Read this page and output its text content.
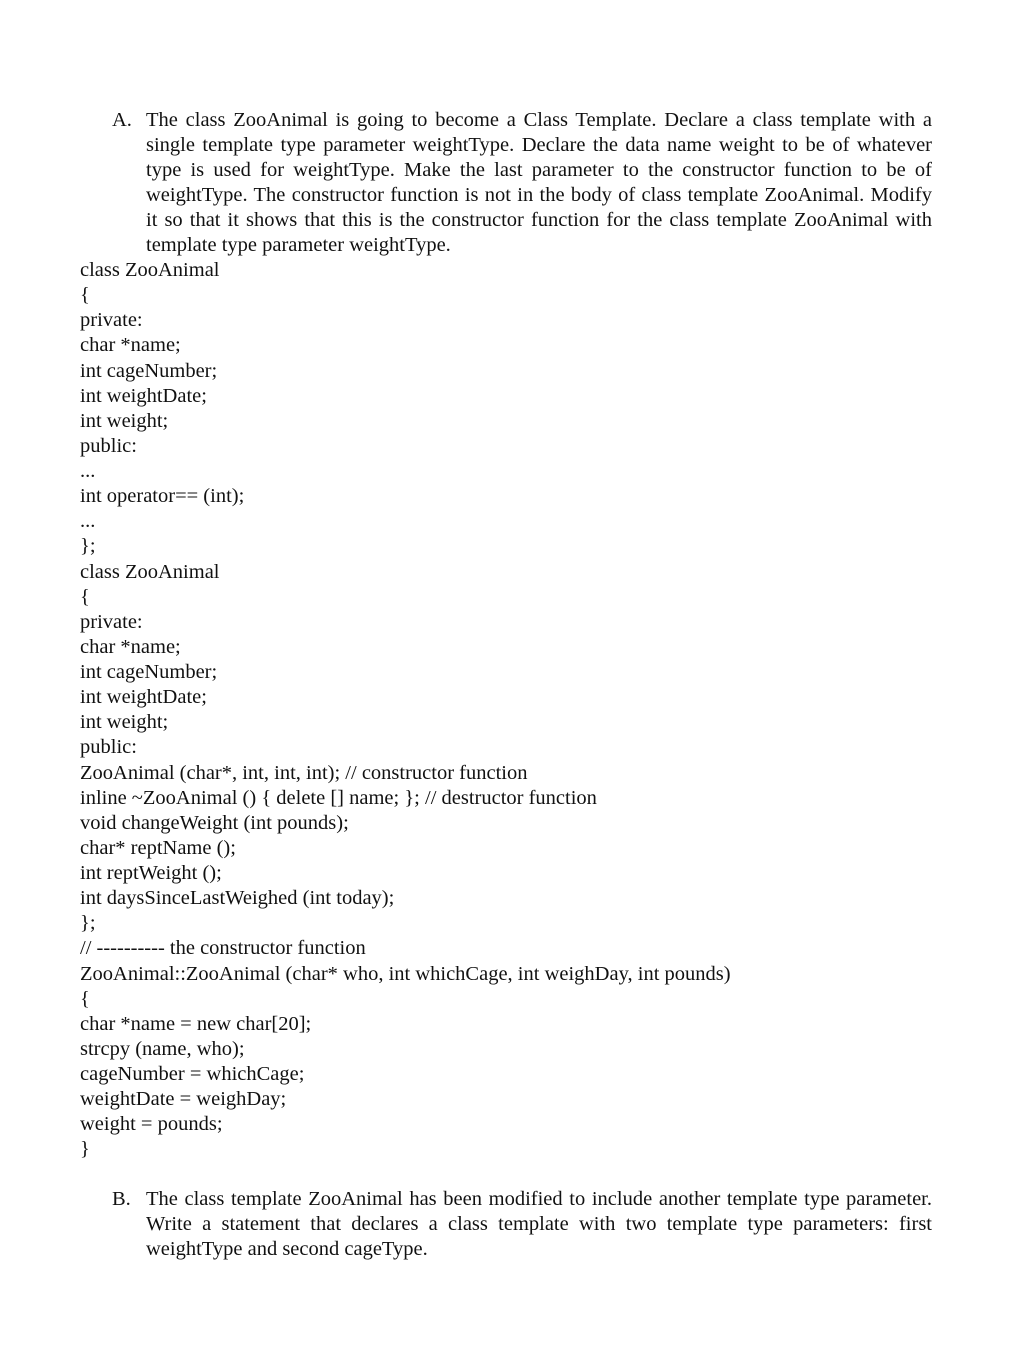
A. The class ZooAnimal is going to become a Class Template. Declare a class template with a single template type parameter weightType. Declare the data name weight to be of whatever type is used for weightType. Make the last parameter to the constructor function to be of weightType. The constructor function is not in the body of class template ZooAnimal. Modify it so that it shows that this is the constructor function for the class template ZooAnimal with template type parameter weightType.
class ZooAnimal
{
private:
char *name;
int cageNumber;
int weightDate;
int weight;
public:
...
int operator== (int);
...
};
class ZooAnimal
{
private:
char *name;
int cageNumber;
int weightDate;
int weight;
public:
ZooAnimal (char*, int, int, int); // constructor function
inline ~ZooAnimal () { delete [] name; }; // destructor function
void changeWeight (int pounds);
char* reptName ();
int reptWeight ();
int daysSinceLastWeighed (int today);
};
// ---------- the constructor function
ZooAnimal::ZooAnimal (char* who, int whichCage, int weighDay, int pounds)
{
char *name = new char[20];
strcpy (name, who);
cageNumber = whichCage;
weightDate = weighDay;
weight = pounds;
}
B. The class template ZooAnimal has been modified to include another template type parameter. Write a statement that declares a class template with two template type parameters: first weightType and second cageType.
